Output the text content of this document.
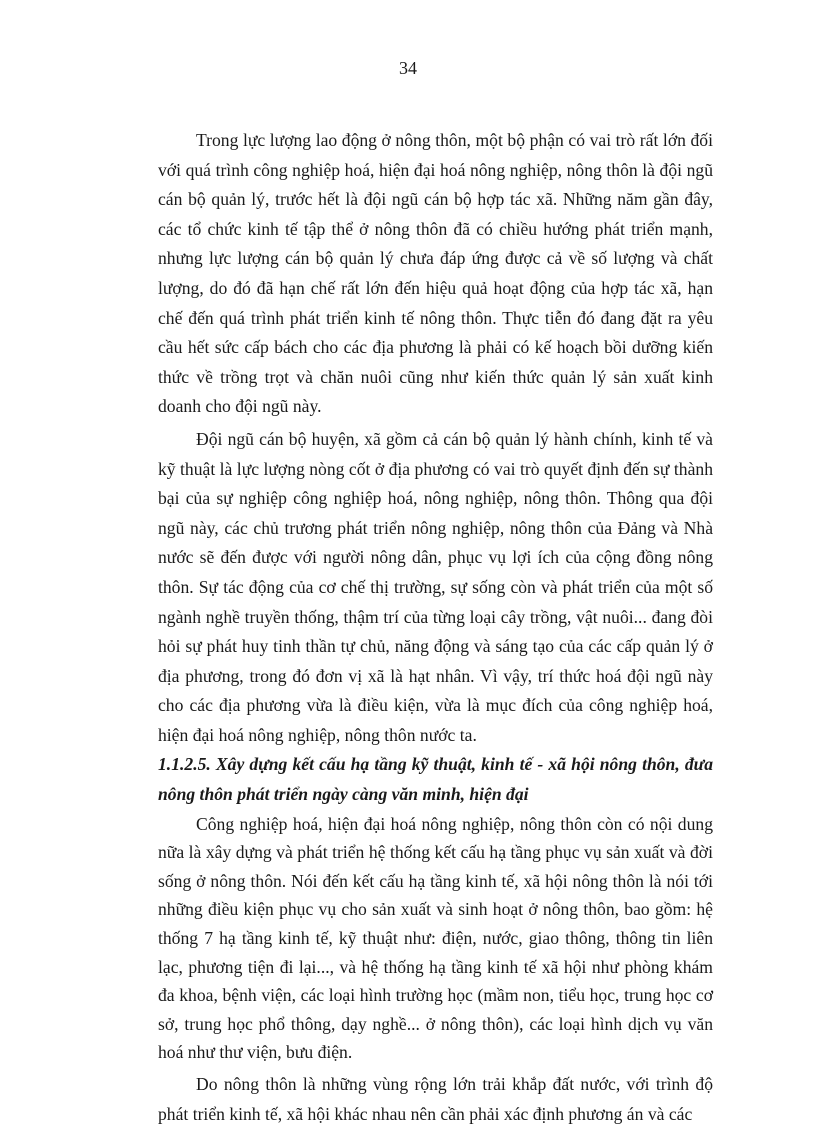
34

Trong lực lượng lao động ở nông thôn, một bộ phận có vai trò rất lớn đối với quá trình công nghiệp hoá, hiện đại hoá nông nghiệp, nông thôn là đội ngũ cán bộ quản lý, trước hết là đội ngũ cán bộ hợp tác xã. Những năm gần đây, các tổ chức kinh tế tập thể ở nông thôn đã có chiều hướng phát triển mạnh, nhưng lực lượng cán bộ quản lý chưa đáp ứng được cả về số lượng và chất lượng, do đó đã hạn chế rất lớn đến hiệu quả hoạt động của hợp tác xã, hạn chế đến quá trình phát triển kinh tế nông thôn. Thực tiễn đó đang đặt ra yêu cầu hết sức cấp bách cho các địa phương là phải có kế hoạch bồi dưỡng kiến thức về trồng trọt và chăn nuôi cũng như kiến thức quản lý sản xuất kinh doanh cho đội ngũ này.

Đội ngũ cán bộ huyện, xã gồm cả cán bộ quản lý hành chính, kinh tế và kỹ thuật là lực lượng nòng cốt ở địa phương có vai trò quyết định đến sự thành bại của sự nghiệp công nghiệp hoá, nông nghiệp, nông thôn. Thông qua đội ngũ này, các chủ trương phát triển nông nghiệp, nông thôn của Đảng và Nhà nước sẽ đến được với người nông dân, phục vụ lợi ích của cộng đồng nông thôn. Sự tác động của cơ chế thị trường, sự sống còn và phát triển của một số ngành nghề truyền thống, thậm trí của từng loại cây trồng, vật nuôi... đang đòi hỏi sự phát huy tinh thần tự chủ, năng động và sáng tạo của các cấp quản lý ở địa phương, trong đó đơn vị xã là hạt nhân. Vì vậy, trí thức hoá đội ngũ này cho các địa phương vừa là điều kiện, vừa là mục đích của công nghiệp hoá, hiện đại hoá nông nghiệp, nông thôn nước ta.

1.1.2.5. Xây dựng kết cấu hạ tầng kỹ thuật, kinh tế - xã hội nông thôn, đưa nông thôn phát triển ngày càng văn minh, hiện đại

Công nghiệp hoá, hiện đại hoá nông nghiệp, nông thôn còn có nội dung nữa là xây dựng và phát triển hệ thống kết cấu hạ tầng phục vụ sản xuất và đời sống ở nông thôn. Nói đến kết cấu hạ tầng kinh tế, xã hội nông thôn là nói tới những điều kiện phục vụ cho sản xuất và sinh hoạt ở nông thôn, bao gồm: hệ thống 7 hạ tầng kinh tế, kỹ thuật như: điện, nước, giao thông, thông tin liên lạc, phương tiện đi lại..., và hệ thống hạ tầng kinh tế xã hội như phòng khám đa khoa, bệnh viện, các loại hình trường học (mầm non, tiểu học, trung học cơ sở, trung học phổ thông, dạy nghề... ở nông thôn), các loại hình dịch vụ văn hoá như thư viện, bưu điện.

Do nông thôn là những vùng rộng lớn trải khắp đất nước, với trình độ phát triển kinh tế, xã hội khác nhau nên cần phải xác định phương án và các
